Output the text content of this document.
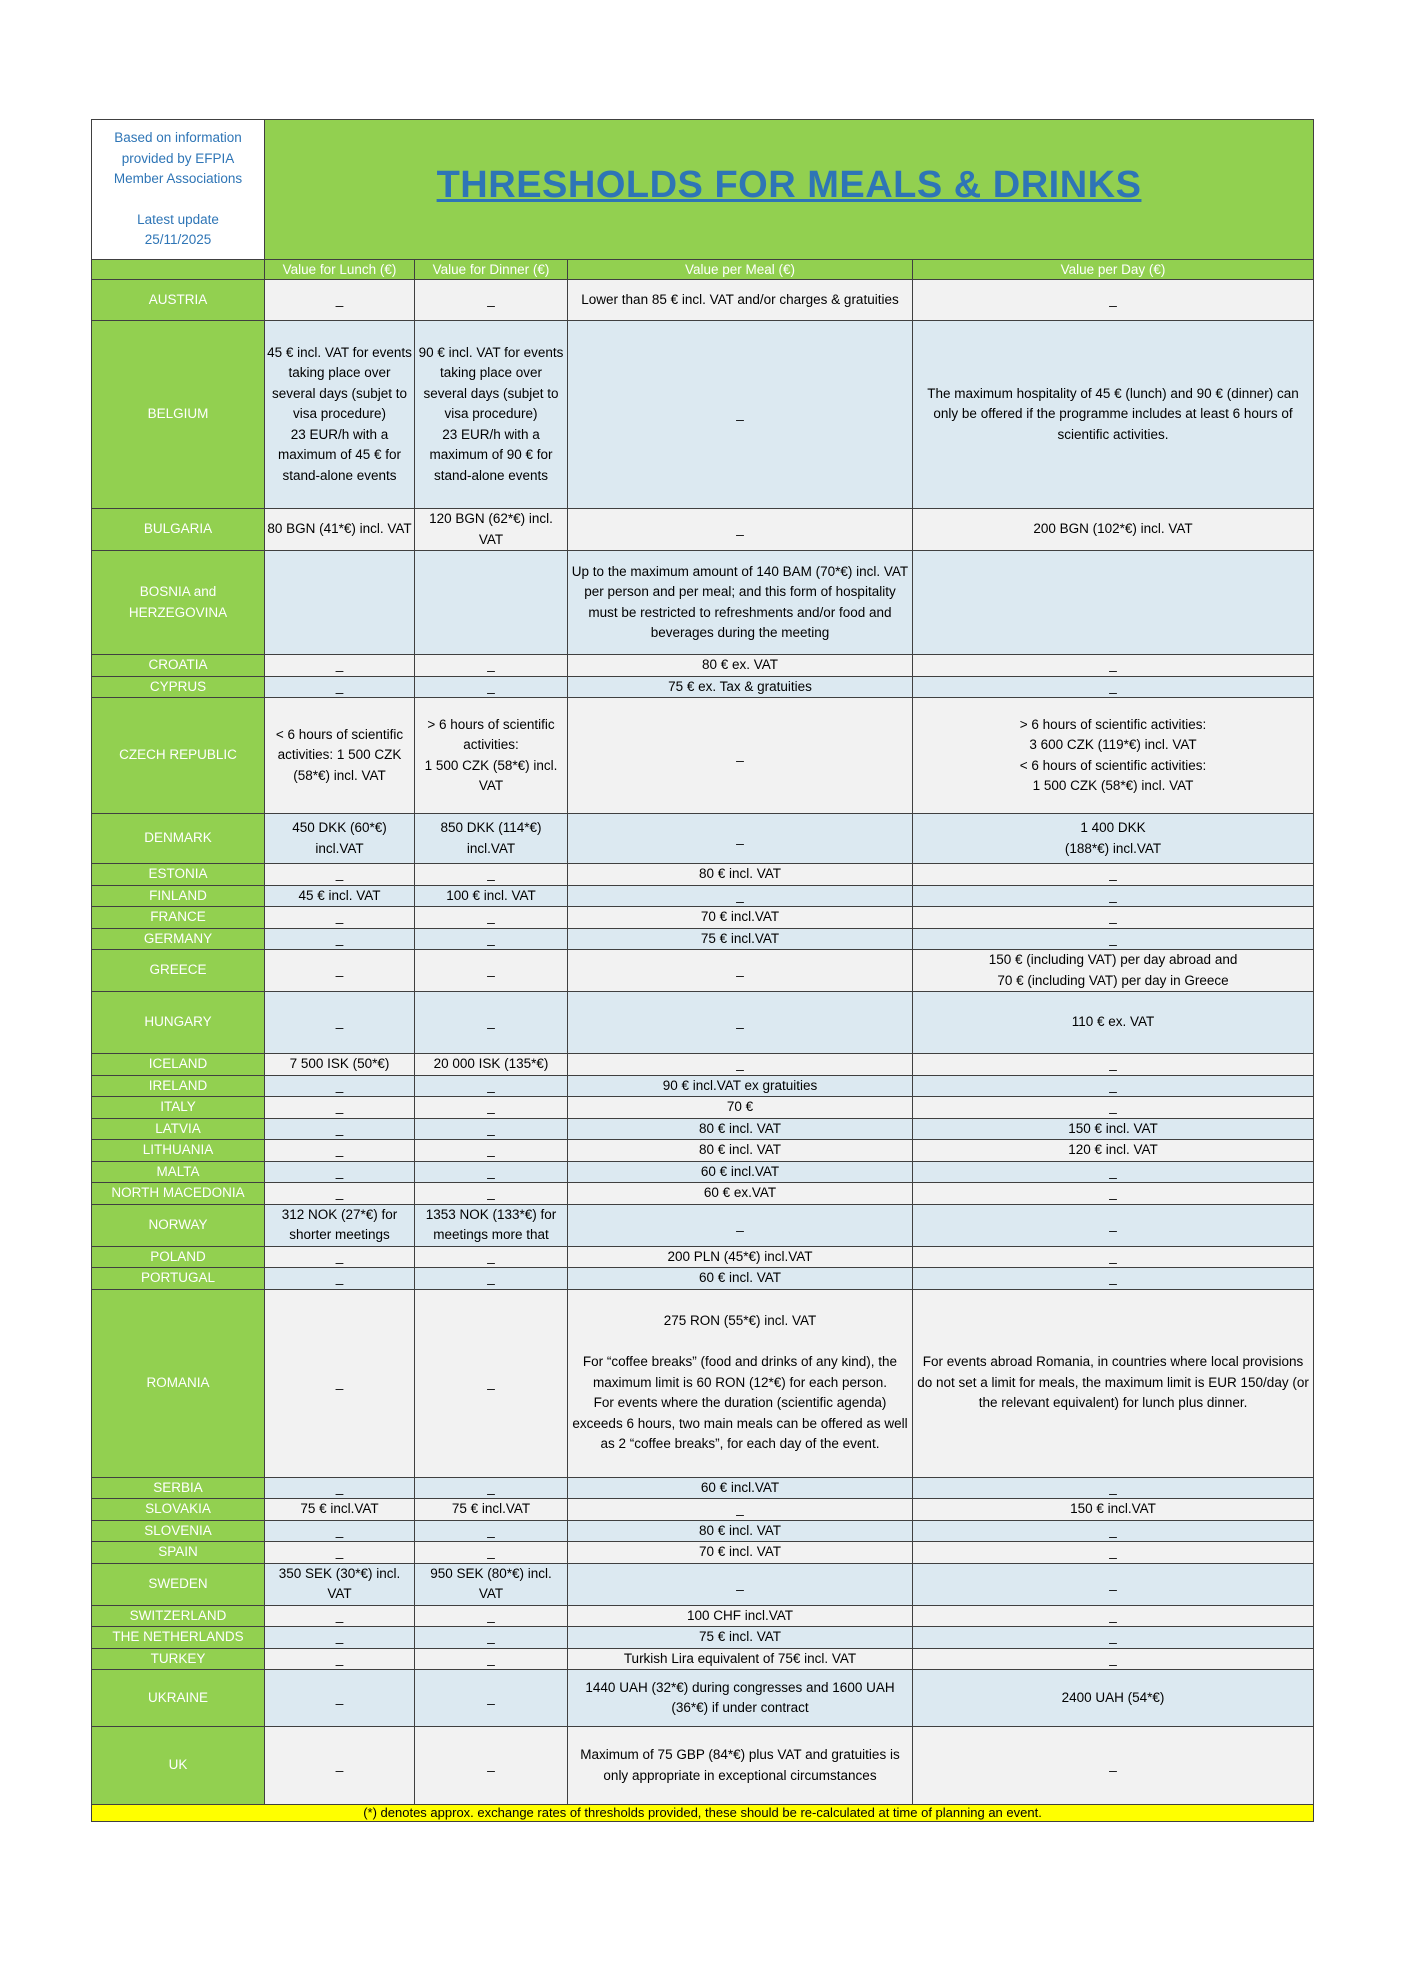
Based on information
provided by EFPIA
Member Associations
Latest update
25/11/2025	THRESHOLDS FOR MEALS & DRINKS			
	Value for Lunch (€)	Value for Dinner (€)	Value per Meal (€)	Value per Day (€)
AUSTRIA	_	_	Lower than 85 € incl. VAT and/or charges & gratuities	_
BELGIUM	45 € incl. VAT for events taking place over several days (subjet to visa procedure)
23 EUR/h with a maximum of 45 € for stand-alone events	90 € incl. VAT for events taking place over several days (subjet to visa procedure)
23 EUR/h with a maximum of 90 € for stand-alone events	_	The maximum hospitality of 45 € (lunch) and 90 € (dinner) can only be offered if the programme includes at least 6 hours of scientific activities.
BULGARIA	80 BGN (41*€) incl. VAT	120 BGN (62*€) incl. VAT	_	200 BGN (102*€) incl. VAT
BOSNIA and HERZEGOVINA			Up to the maximum amount of 140 BAM (70*€) incl. VAT per person and per meal; and this form of hospitality must be restricted to refreshments and/or food and beverages during the meeting	
CROATIA	_	_	80 € ex. VAT	_
CYPRUS	_	_	75 € ex. Tax & gratuities	_
CZECH REPUBLIC	< 6 hours of scientific activities: 1 500 CZK (58*€) incl. VAT	> 6 hours of scientific activities:
1 500 CZK (58*€) incl. VAT	_	> 6 hours of scientific activities:
3 600 CZK (119*€) incl. VAT
< 6 hours of scientific activities:
1 500 CZK (58*€) incl. VAT
DENMARK	450 DKK (60*€)
incl.VAT	850 DKK (114*€)
incl.VAT	_	1 400 DKK
(188*€) incl.VAT
ESTONIA	_	_	80 € incl. VAT	_
FINLAND	45 € incl. VAT	100 € incl. VAT	_	_
FRANCE	_	_	70 € incl.VAT	_
GERMANY	_	_	75 € incl.VAT	_
GREECE	_	_	_	150 € (including VAT) per day abroad and
70 € (including VAT) per day in Greece
HUNGARY	_	_	_	110 € ex. VAT
ICELAND	7 500 ISK (50*€)	20 000 ISK (135*€)	_	_
IRELAND	_	_	90 € incl.VAT ex gratuities	_
ITALY	_	_	70 €	_
LATVIA	_	_	80 € incl. VAT	150 € incl. VAT
LITHUANIA	_	_	80 € incl. VAT	120 € incl. VAT
MALTA	_	_	60 € incl.VAT	_
NORTH MACEDONIA	_	_	60 € ex.VAT	_
NORWAY	312 NOK (27*€) for shorter meetings	1353 NOK (133*€) for meetings more that	_	_
POLAND	_	_	200 PLN (45*€) incl.VAT	_
PORTUGAL	_	_	60 € incl. VAT	_
ROMANIA	_	_	275 RON (55*€) incl. VAT

For “coffee breaks” (food and drinks of any kind), the maximum limit is 60 RON (12*€) for each person.
For events where the duration (scientific agenda) exceeds 6 hours, two main meals can be offered as well as 2 “coffee breaks”, for each day of the event.	For events abroad Romania, in countries where local provisions do not set a limit for meals, the maximum limit is EUR 150/day (or the relevant equivalent) for lunch plus dinner.
SERBIA	_	_	60 € incl.VAT	_
SLOVAKIA	75 € incl.VAT	75 € incl.VAT	_	150 € incl.VAT
SLOVENIA	_	_	80 € incl. VAT	_
SPAIN	_	_	70 € incl. VAT	_
SWEDEN	350 SEK (30*€) incl. VAT	950 SEK (80*€) incl. VAT	_	_
SWITZERLAND	_	_	100 CHF incl.VAT	_
THE NETHERLANDS	_	_	75 € incl. VAT	_
TURKEY	_	_	Turkish Lira equivalent of 75€ incl. VAT	_
UKRAINE	_	_	1440 UAH (32*€) during congresses and 1600 UAH (36*€) if under contract	2400 UAH (54*€)
UK	_	_	Maximum of 75 GBP (84*€) plus VAT and gratuities is only appropriate in exceptional circumstances	_
(*) denotes approx. exchange rates of thresholds provided, these should be re-calculated at time of planning an event.				
